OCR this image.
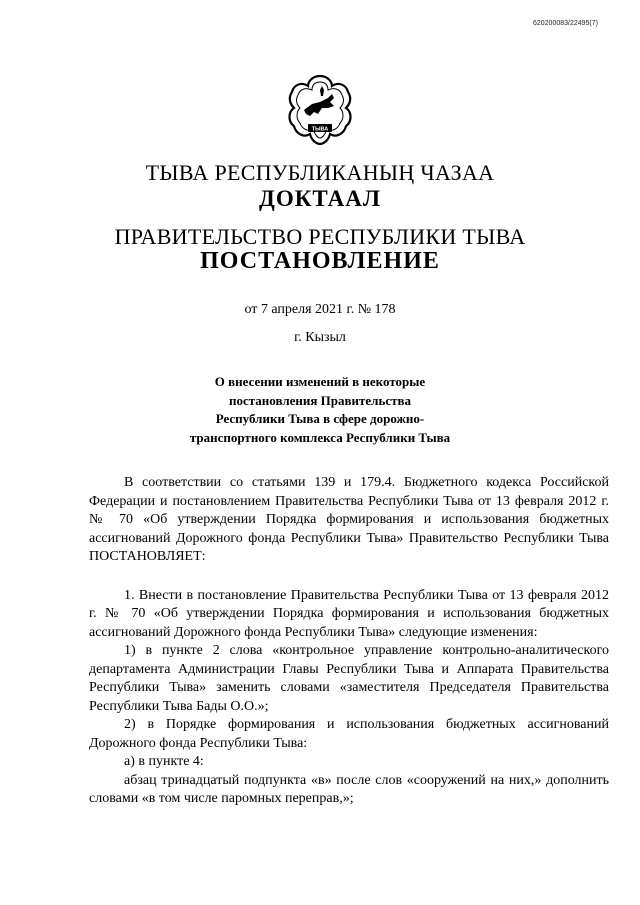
620200083/22495(7)
ТЫВА
ТЫВА РЕСПУБЛИКАНЫҢ ЧАЗАА
ДОКТААЛ
ПРАВИТЕЛЬСТВО РЕСПУБЛИКИ ТЫВА
ПОСТАНОВЛЕНИЕ
от 7 апреля 2021 г. № 178
г. Кызыл
О внесении изменений в некоторые
постановления Правительства
Республики Тыва в сфере дорожно-
транспортного комплекса Республики Тыва

В соответствии со статьями 139 и 179.4. Бюджетного кодекса Российской Федерации и постановлением Правительства Республики Тыва от 13 февраля 2012 г. № 70 «Об утверждении Порядка формирования и использования бюджетных ассигнований Дорожного фонда Республики Тыва» Правительство Республики Тыва ПОСТАНОВЛЯЕТ:

1. Внести в постановление Правительства Республики Тыва от 13 февраля 2012 г. № 70 «Об утверждении Порядка формирования и использования бюджетных ассигнований Дорожного фонда Республики Тыва» следующие изменения:

1) в пункте 2 слова «контрольное управление контрольно-аналитического департамента Администрации Главы Республики Тыва и Аппарата Правительства Республики Тыва» заменить словами «заместителя Председателя Правительства Республики Тыва Бады О.О.»;

2) в Порядке формирования и использования бюджетных ассигнований Дорожного фонда Республики Тыва:

а) в пункте 4:

абзац тринадцатый подпункта «в» после слов «сооружений на них,» дополнить словами «в том числе паромных переправ,»;
